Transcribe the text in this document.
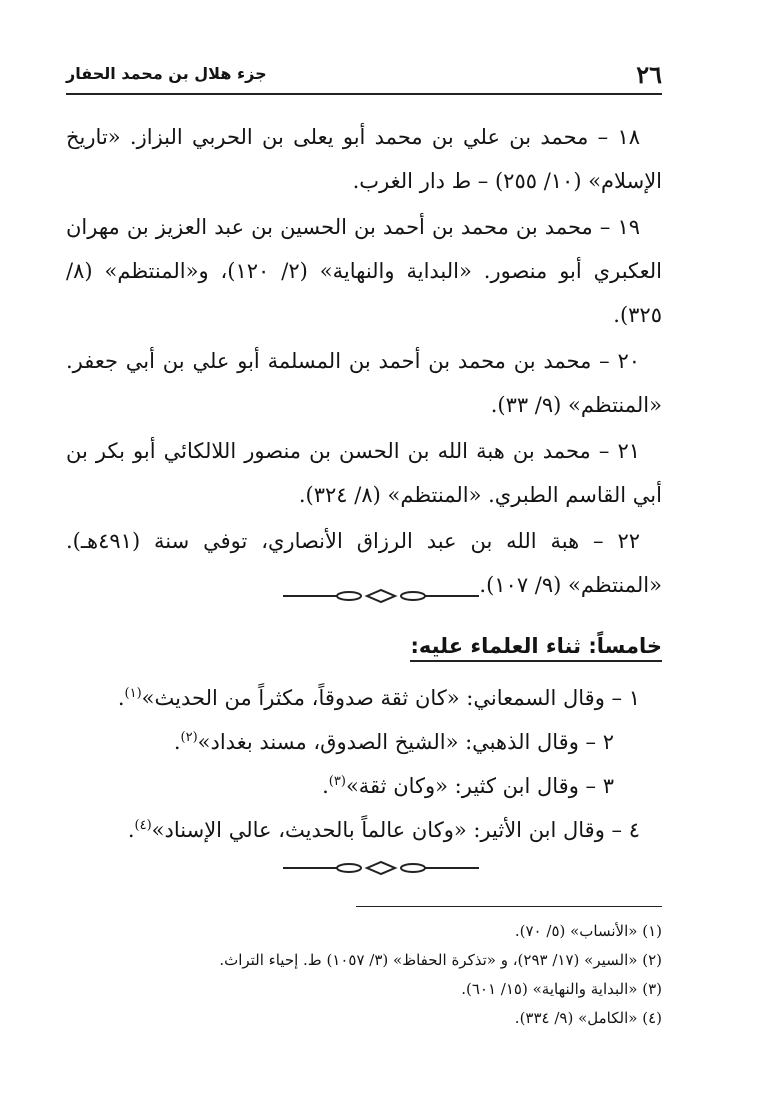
٢٦
جزء هلال بن محمد الحفار

١٨ – محمد بن علي بن محمد أبو يعلى بن الحربي البزاز. «تاريخ الإسلام» (١٠/ ٢٥٥) – ط دار الغرب.

١٩ – محمد بن محمد بن أحمد بن الحسين بن عبد العزيز بن مهران العكبري أبو منصور. «البداية والنهاية» (٢/ ١٢٠)، و«المنتظم» (٨/ ٣٢٥).

٢٠ – محمد بن محمد بن أحمد بن المسلمة أبو علي بن أبي جعفر. «المنتظم» (٩/ ٣٣).

٢١ – محمد بن هبة الله بن الحسن بن منصور اللالكائي أبو بكر بن أبي القاسم الطبري. «المنتظم» (٨/ ٣٢٤).

٢٢ – هبة الله بن عبد الرزاق الأنصاري، توفي سنة (٤٩١هـ). «المنتظم» (٩/ ١٠٧).

خامساً: ثناء العلماء عليه:
١ – وقال السمعاني: «كان ثقة صدوقاً، مكثراً من الحديث»$^{(١)}$.
٢ – وقال الذهبي: «الشيخ الصدوق، مسند بغداد»$^{(٢)}$.
٣ – وقال ابن كثير: «وكان ثقة»$^{(٣)}$.
٤ – وقال ابن الأثير: «وكان عالماً بالحديث، عالي الإسناد»$^{(٤)}$.
(١) «الأنساب» (٥/ ٧٠).
(٢) «السير» (١٧/ ٢٩٣)، و «تذكرة الحفاظ» (٣/ ١٠٥٧) ط. إحياء التراث.
(٣) «البداية والنهاية» (١٥/ ٦٠١).
(٤) «الكامل» (٩/ ٣٣٤).
